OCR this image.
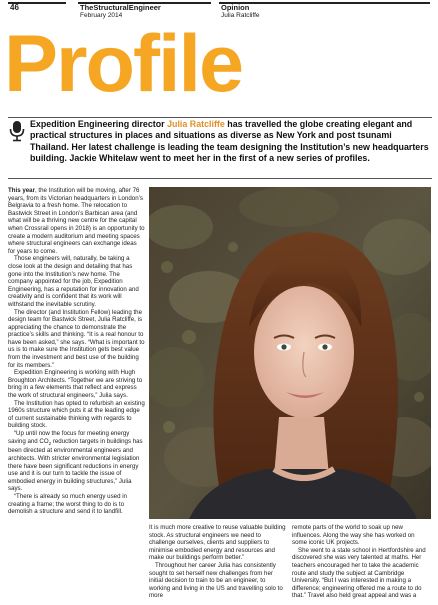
46	TheStructuralEngineer
February 2014
Opinion
Julia Ratcliffe
Profile
Expedition Engineering director Julia Ratcliffe has travelled the globe creating elegant and practical structures in places and situations as diverse as New York and post tsunami Thailand. Her latest challenge is leading the team designing the Institution’s new headquarters building. Jackie Whitelaw went to meet her in the first of a new series of profiles.

This year, the Institution will be moving, after 76 years, from its Victorian headquarters in London’s Belgravia to a fresh home. The relocation to Bastwick Street in London’s Barbican area (and what will be a thriving new centre for the capital when Crossrail opens in 2018) is an opportunity to create a modern auditorium and meeting spaces where structural engineers can exchange ideas for years to come.

Those engineers will, naturally, be taking a close look at the design and detailing that has gone into the Institution’s new home. The company appointed for the job, Expedition Engineering, has a reputation for innovation and creativity and is confident that its work will withstand the inevitable scrutiny.

The director (and Institution Fellow) leading the design team for Bastwick Street, Julia Ratcliffe, is appreciating the chance to demonstrate the practice’s skills and thinking. “It is a real honour to have been asked,” she says. “What is important to us is to make sure the Institution gets best value from the investment and best use of the building for its members.”

Expedition Engineering is working with Hugh Broughton Architects. “Together we are striving to bring in a few elements that reflect and express the work of structural engineers,” Julia says.

The Institution has opted to refurbish an existing 1960s structure which puts it at the leading edge of current sustainable thinking with regards to building stock.

“Up until now the focus for meeting energy saving and $CO_2$ reduction targets in buildings has been directed at environmental engineers and architects. With stricter environmental legislation there have been significant reductions in energy use and it is our turn to tackle the issue of embodied energy in building structures,” Julia says.

“There is already so much energy used in creating a frame; the worst thing to do is to demolish a structure and send it to landfill.

It is much more creative to reuse valuable building stock. As structural engineers we need to challenge ourselves, clients and suppliers to minimise embodied energy and resources and make our buildings perform better.”

Throughout her career Julia has consistently sought to set herself new challenges from her initial decision to train to be an engineer, to working and living in the US and travelling solo to more

remote parts of the world to soak up new influences. Along the way she has worked on some iconic UK projects.

She went to a state school in Hertfordshire and discovered she was very talented at maths. Her teachers encouraged her to take the academic route and study the subject at Cambridge University. “But I was interested in making a difference; engineering offered me a route to do that.” Travel also held great appeal and was a
